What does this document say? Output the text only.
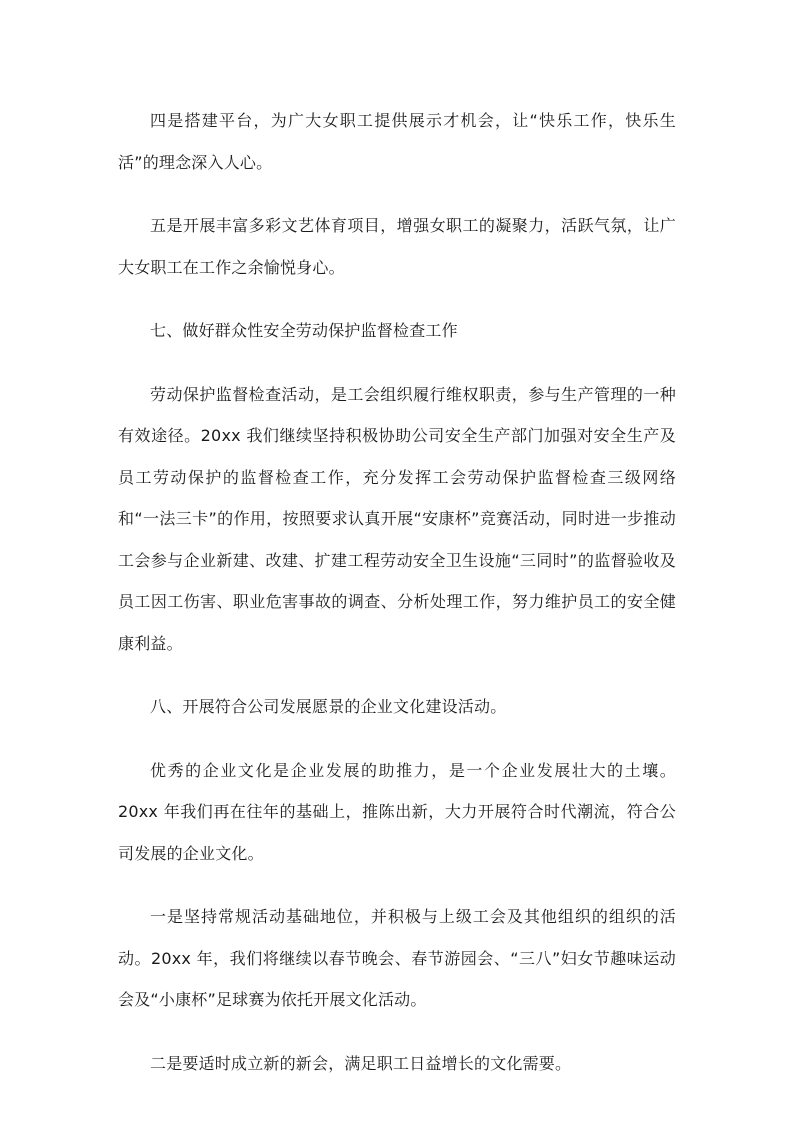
四是搭建平台，为广大女职工提供展示才机会，让“快乐工作，快乐生活”的理念深入人心。

五是开展丰富多彩文艺体育项目，增强女职工的凝聚力，活跃气氛，让广大女职工在工作之余愉悦身心。

七、做好群众性安全劳动保护监督检查工作

劳动保护监督检查活动，是工会组织履行维权职责，参与生产管理的一种有效途径。20xx 我们继续坚持积极协助公司安全生产部门加强对安全生产及员工劳动保护的监督检查工作，充分发挥工会劳动保护监督检查三级网络和“一法三卡”的作用，按照要求认真开展“安康杯”竞赛活动，同时进一步推动工会参与企业新建、改建、扩建工程劳动安全卫生设施“三同时”的监督验收及员工因工伤害、职业危害事故的调查、分析处理工作，努力维护员工的安全健康利益。

八、开展符合公司发展愿景的企业文化建设活动。

优秀的企业文化是企业发展的助推力，是一个企业发展壮大的土壤。20xx 年我们再在往年的基础上，推陈出新，大力开展符合时代潮流，符合公司发展的企业文化。

一是坚持常规活动基础地位，并积极与上级工会及其他组织的组织的活动。20xx 年，我们将继续以春节晚会、春节游园会、“三八”妇女节趣味运动会及“小康杯”足球赛为依托开展文化活动。

二是要适时成立新的新会，满足职工日益增长的文化需要。
